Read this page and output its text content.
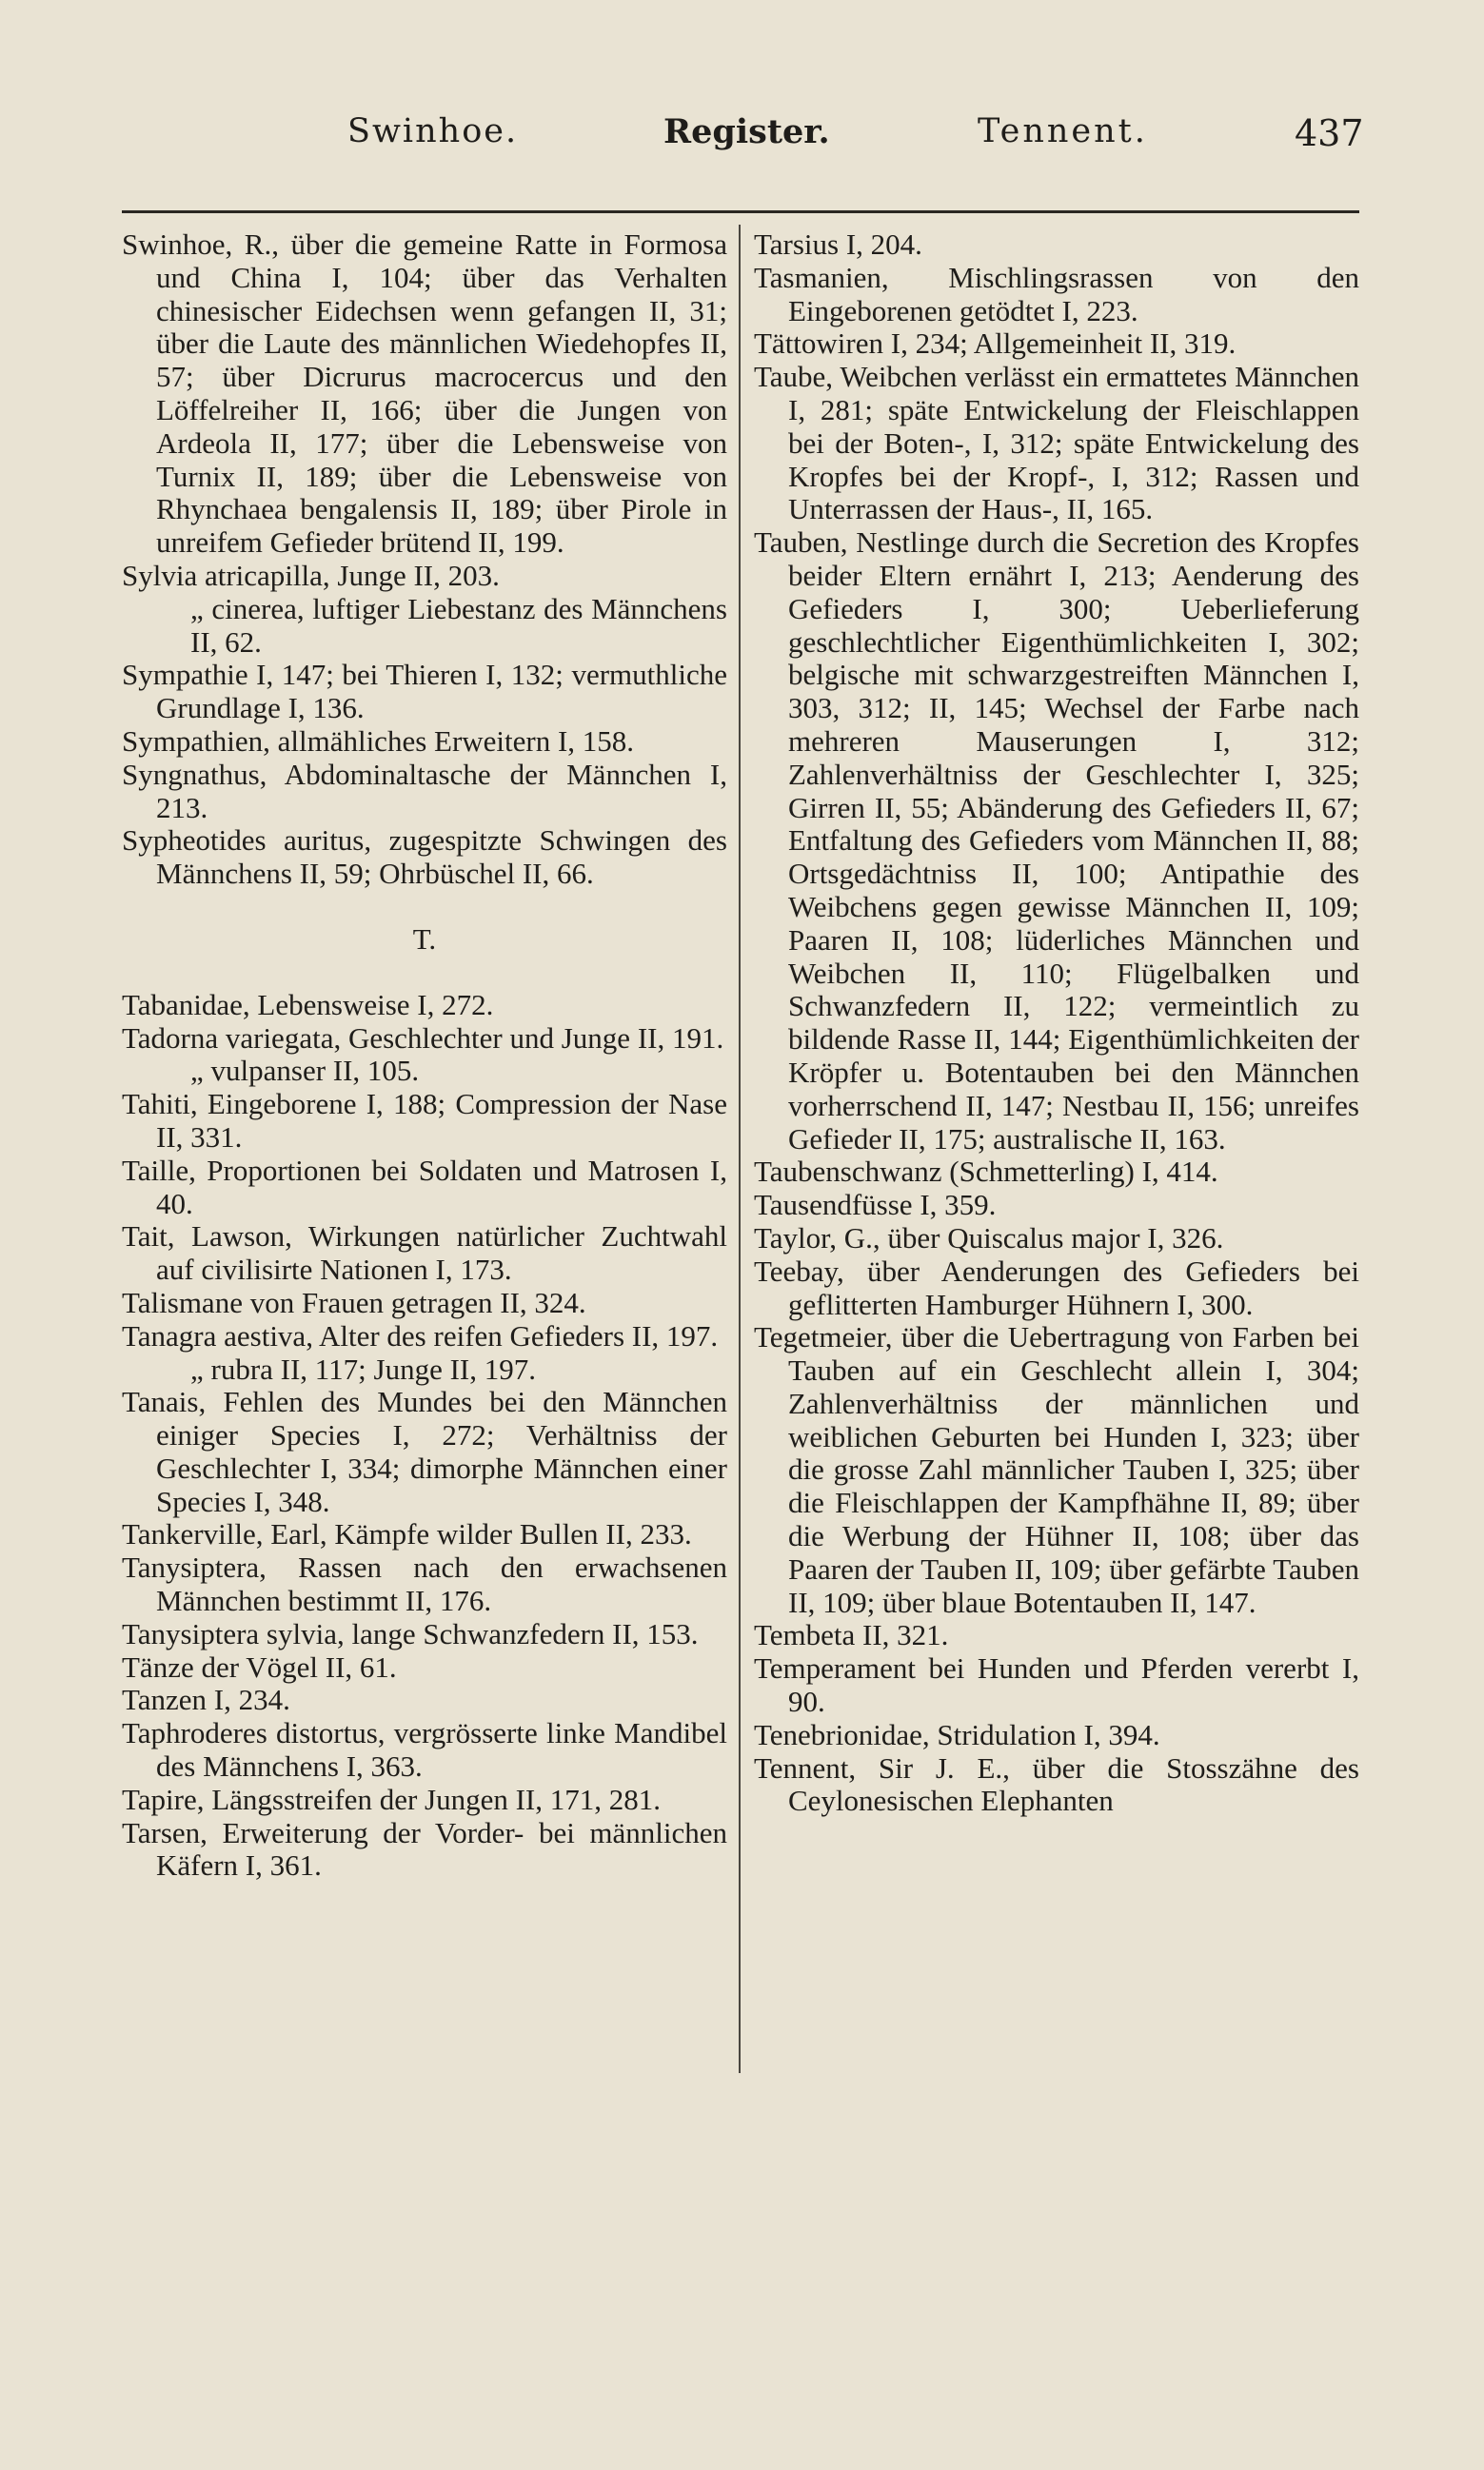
Swinhoe.	Register.	Tennent.	437
Swinhoe, R., über die gemeine Ratte in Formosa und China I, 104; über das Verhalten chinesischer Eidechsen wenn gefangen II, 31; über die Laute des männlichen Wiedehopfes II, 57; über Dicrurus macrocercus und den Löffelreiher II, 166; über die Jungen von Ardeola II, 177; über die Lebensweise von Turnix II, 189; über die Lebensweise von Rhynchaea bengalensis II, 189; über Pirole in unreifem Gefieder brütend II, 199.
Sylvia atricapilla, Junge II, 203.
„ cinerea, luftiger Liebestanz des Männchens II, 62.
Sympathie I, 147; bei Thieren I, 132; vermuthliche Grundlage I, 136.
Sympathien, allmähliches Erweitern I, 158.
Syngnathus, Abdominaltasche der Männchen I, 213.
Sypheotides auritus, zugespitzte Schwingen des Männchens II, 59; Ohrbüschel II, 66.
T.
Tabanidae, Lebensweise I, 272.
Tadorna variegata, Geschlechter und Junge II, 191.
„ vulpanser II, 105.
Tahiti, Eingeborene I, 188; Compression der Nase II, 331.
Taille, Proportionen bei Soldaten und Matrosen I, 40.
Tait, Lawson, Wirkungen natürlicher Zuchtwahl auf civilisirte Nationen I, 173.
Talismane von Frauen getragen II, 324.
Tanagra aestiva, Alter des reifen Gefieders II, 197.
„ rubra II, 117; Junge II, 197.
Tanais, Fehlen des Mundes bei den Männchen einiger Species I, 272; Verhältniss der Geschlechter I, 334; dimorphe Männchen einer Species I, 348.
Tankerville, Earl, Kämpfe wilder Bullen II, 233.
Tanysiptera, Rassen nach den erwachsenen Männchen bestimmt II, 176.
Tanysiptera sylvia, lange Schwanzfedern II, 153.
Tänze der Vögel II, 61.
Tanzen I, 234.
Taphroderes distortus, vergrösserte linke Mandibel des Männchens I, 363.
Tapire, Längsstreifen der Jungen II, 171, 281.
Tarsen, Erweiterung der Vorder- bei männlichen Käfern I, 361.
Tarsius I, 204.
Tasmanien, Mischlingsrassen von den Eingeborenen getödtet I, 223.
Tättowiren I, 234; Allgemeinheit II, 319.
Taube, Weibchen verlässt ein ermattetes Männchen I, 281; späte Entwickelung der Fleischlappen bei der Boten-, I, 312; späte Entwickelung des Kropfes bei der Kropf-, I, 312; Rassen und Unterrassen der Haus-, II, 165.
Tauben, Nestlinge durch die Secretion des Kropfes beider Eltern ernährt I, 213; Aenderung des Gefieders I, 300; Ueberlieferung geschlechtlicher Eigenthümlichkeiten I, 302; belgische mit schwarzgestreiften Männchen I, 303, 312; II, 145; Wechsel der Farbe nach mehreren Mauserungen I, 312; Zahlenverhältniss der Geschlechter I, 325; Girren II, 55; Abänderung des Gefieders II, 67; Entfaltung des Gefieders vom Männchen II, 88; Ortsgedächtniss II, 100; Antipathie des Weibchens gegen gewisse Männchen II, 109; Paaren II, 108; lüderliches Männchen und Weibchen II, 110; Flügelbalken und Schwanzfedern II, 122; vermeintlich zu bildende Rasse II, 144; Eigenthümlichkeiten der Kröpfer u. Botentauben bei den Männchen vorherrschend II, 147; Nestbau II, 156; unreifes Gefieder II, 175; australische II, 163.
Taubenschwanz (Schmetterling) I, 414.
Tausendfüsse I, 359.
Taylor, G., über Quiscalus major I, 326.
Teebay, über Aenderungen des Gefieders bei geflitterten Hamburger Hühnern I, 300.
Tegetmeier, über die Uebertragung von Farben bei Tauben auf ein Geschlecht allein I, 304; Zahlenverhältniss der männlichen und weiblichen Geburten bei Hunden I, 323; über die grosse Zahl männlicher Tauben I, 325; über die Fleischlappen der Kampfhähne II, 89; über die Werbung der Hühner II, 108; über das Paaren der Tauben II, 109; über gefärbte Tauben II, 109; über blaue Botentauben II, 147.
Tembeta II, 321.
Temperament bei Hunden und Pferden vererbt I, 90.
Tenebrionidae, Stridulation I, 394.
Tennent, Sir J. E., über die Stosszähne des Ceylonesischen Elephanten
